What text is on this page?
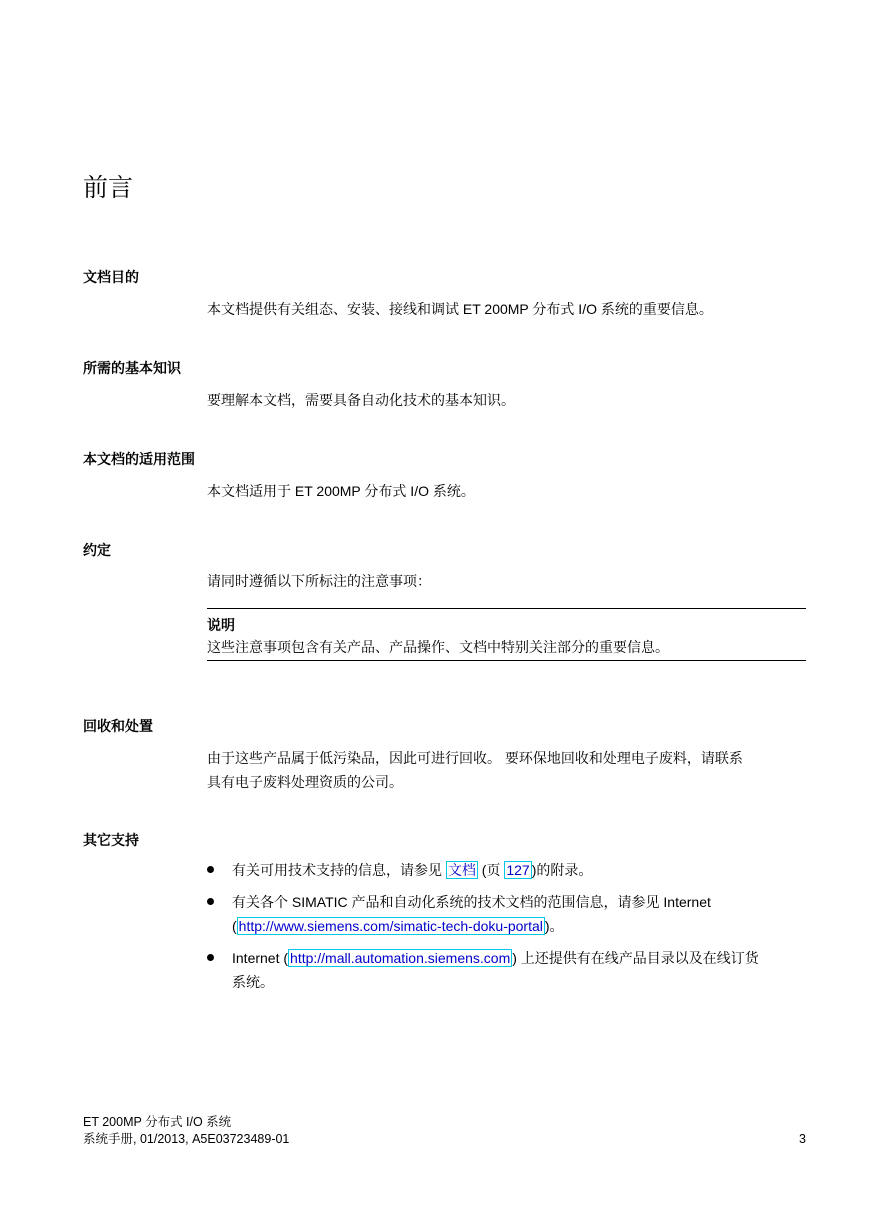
前言
文档目的

本文档提供有关组态、安装、接线和调试 ET 200MP 分布式 I/O 系统的重要信息。

所需的基本知识

要理解本文档，需要具备自动化技术的基本知识。

本文档的适用范围

本文档适用于 ET 200MP 分布式 I/O 系统。

约定

请同时遵循以下所标注的注意事项：

说明
这些注意事项包含有关产品、产品操作、文档中特别关注部分的重要信息。
回收和处置
由于这些产品属于低污染品，因此可进行回收。 要环保地回收和处理电子废料，请联系
具有电子废料处理资质的公司。
其它支持
有关可用技术支持的信息，请参见 文档 (页 127 )的附录。
有关各个 SIMATIC 产品和自动化系统的技术文档的范围信息，请参见 Internet
( http://www.siemens.com/simatic-tech-doku-portal )。
Internet ( http://mall.automation.siemens.com ) 上还提供有在线产品目录以及在线订货
系统。
ET 200MP 分布式 I/O 系统
系统手册, 01/2013, A5E03723489-01	3
